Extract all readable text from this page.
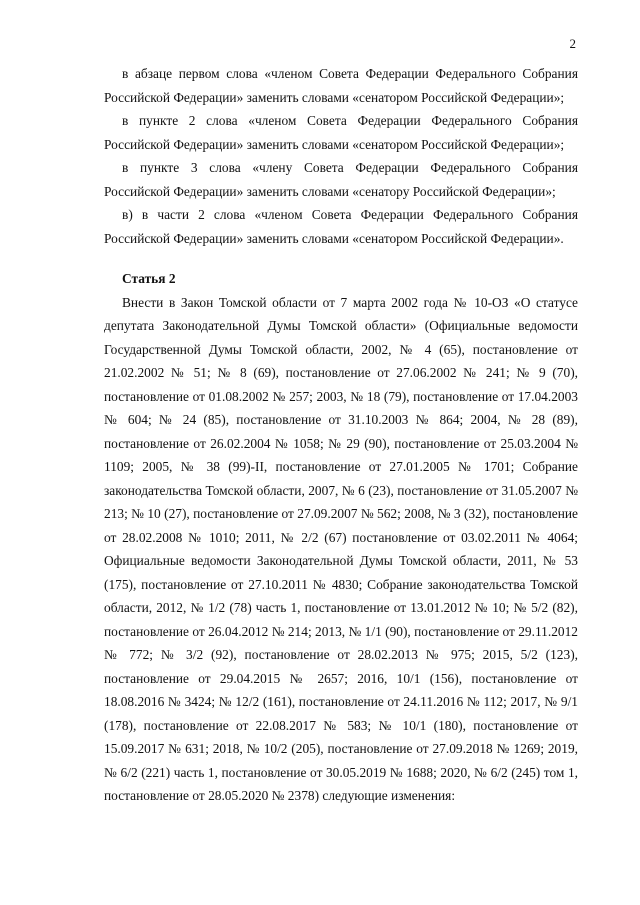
2

в абзаце первом слова «членом Совета Федерации Федерального Собрания Российской Федерации» заменить словами «сенатором Российской Федерации»;

в пункте 2 слова «членом Совета Федерации Федерального Собрания Российской Федерации» заменить словами «сенатором Российской Федерации»;

в пункте 3 слова «члену Совета Федерации Федерального Собрания Российской Федерации» заменить словами «сенатору Российской Федерации»;

в) в части 2 слова «членом Совета Федерации Федерального Собрания Российской Федерации» заменить словами «сенатором Российской Федерации».

Статья 2

Внести в Закон Томской области от 7 марта 2002 года № 10-ОЗ «О статусе депутата Законодательной Думы Томской области» (Официальные ведомости Государственной Думы Томской области, 2002, № 4 (65), постановление от 21.02.2002 № 51; № 8 (69), постановление от 27.06.2002 № 241; № 9 (70), постановление от 01.08.2002 № 257; 2003, № 18 (79), постановление от 17.04.2003 № 604; № 24 (85), постановление от 31.10.2003 № 864; 2004, № 28 (89), постановление от 26.02.2004 № 1058; № 29 (90), постановление от 25.03.2004 № 1109; 2005, № 38 (99)-II, постановление от 27.01.2005 № 1701; Собрание законодательства Томской области, 2007, № 6 (23), постановление от 31.05.2007 № 213; № 10 (27), постановление от 27.09.2007 № 562; 2008, № 3 (32), постановление от 28.02.2008 № 1010; 2011, № 2/2 (67) постановление от 03.02.2011 № 4064; Официальные ведомости Законодательной Думы Томской области, 2011, № 53 (175), постановление от 27.10.2011 № 4830; Собрание законодательства Томской области, 2012, № 1/2 (78) часть 1, постановление от 13.01.2012 № 10; № 5/2 (82), постановление от 26.04.2012 № 214; 2013, № 1/1 (90), постановление от 29.11.2012 № 772; № 3/2 (92), постановление от 28.02.2013 № 975; 2015, 5/2 (123), постановление от 29.04.2015 № 2657; 2016, 10/1 (156), постановление от 18.08.2016 № 3424; № 12/2 (161), постановление от 24.11.2016 № 112; 2017, № 9/1 (178), постановление от 22.08.2017 № 583; № 10/1 (180), постановление от 15.09.2017 № 631; 2018, № 10/2 (205), постановление от 27.09.2018 № 1269; 2019, № 6/2 (221) часть 1, постановление от 30.05.2019 № 1688; 2020, № 6/2 (245) том 1, постановление от 28.05.2020 № 2378) следующие изменения:
